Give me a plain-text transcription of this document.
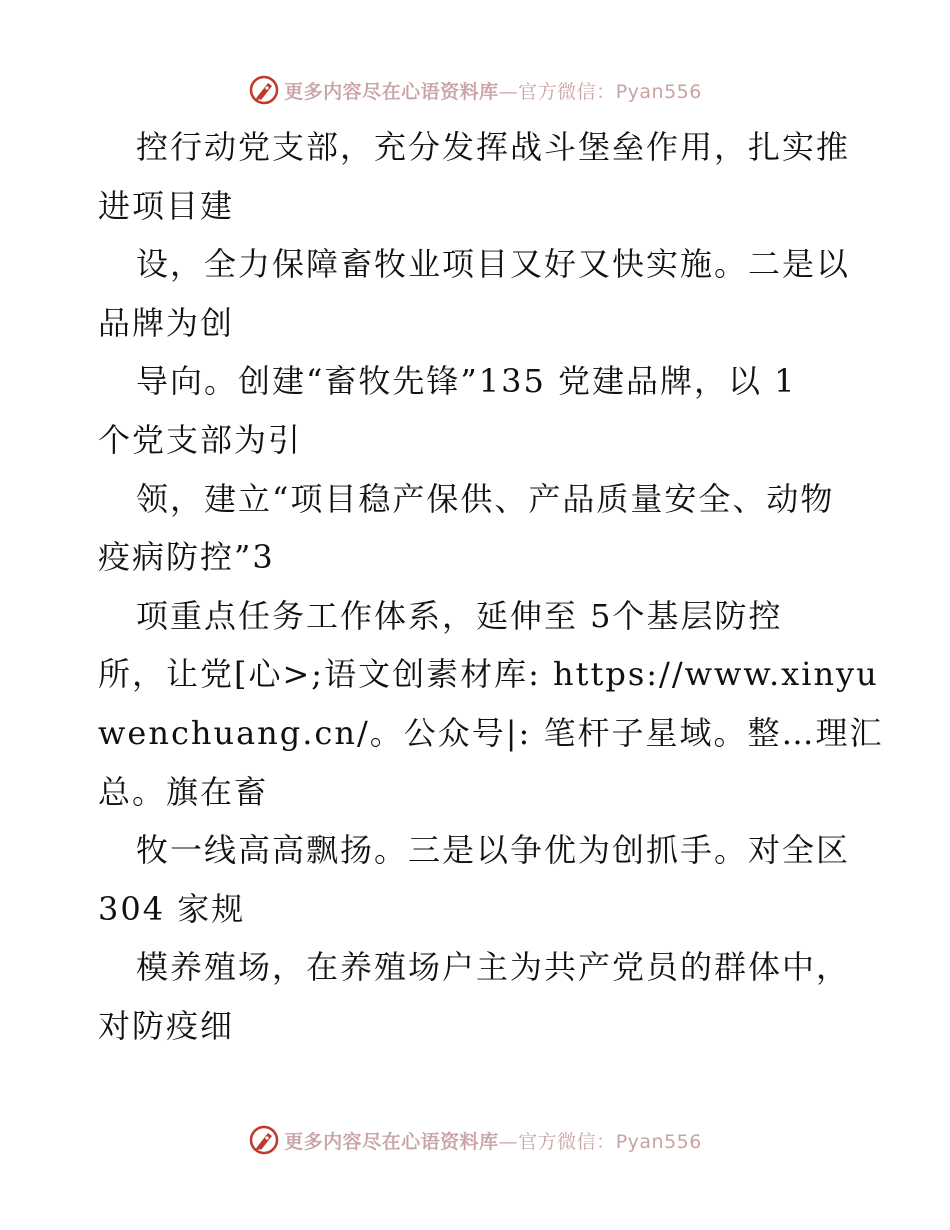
更多内容尽在心语资料库—官方微信：Pyan556
控行动党支部，充分发挥战斗堡垒作用，扎实推
进项目建
设，全力保障畜牧业项目又好又快实施。二是以
品牌为创
导向。创建“畜牧先锋”135 党建品牌，以 1
个党支部为引
领，建立“项目稳产保供、产品质量安全、动物
疫病防控”3
项重点任务工作体系，延伸至 5个基层防控
所，让党[心>;语文创素材库: https://www.xinyu
wenchuang.cn/。公众号|: 笔杆子星域。整…理汇
总。旗在畜
牧一线高高飘扬。三是以争优为创抓手。对全区
304 家规
模养殖场，在养殖场户主为共产党员的群体中，
对防疫细
更多内容尽在心语资料库—官方微信：Pyan556
